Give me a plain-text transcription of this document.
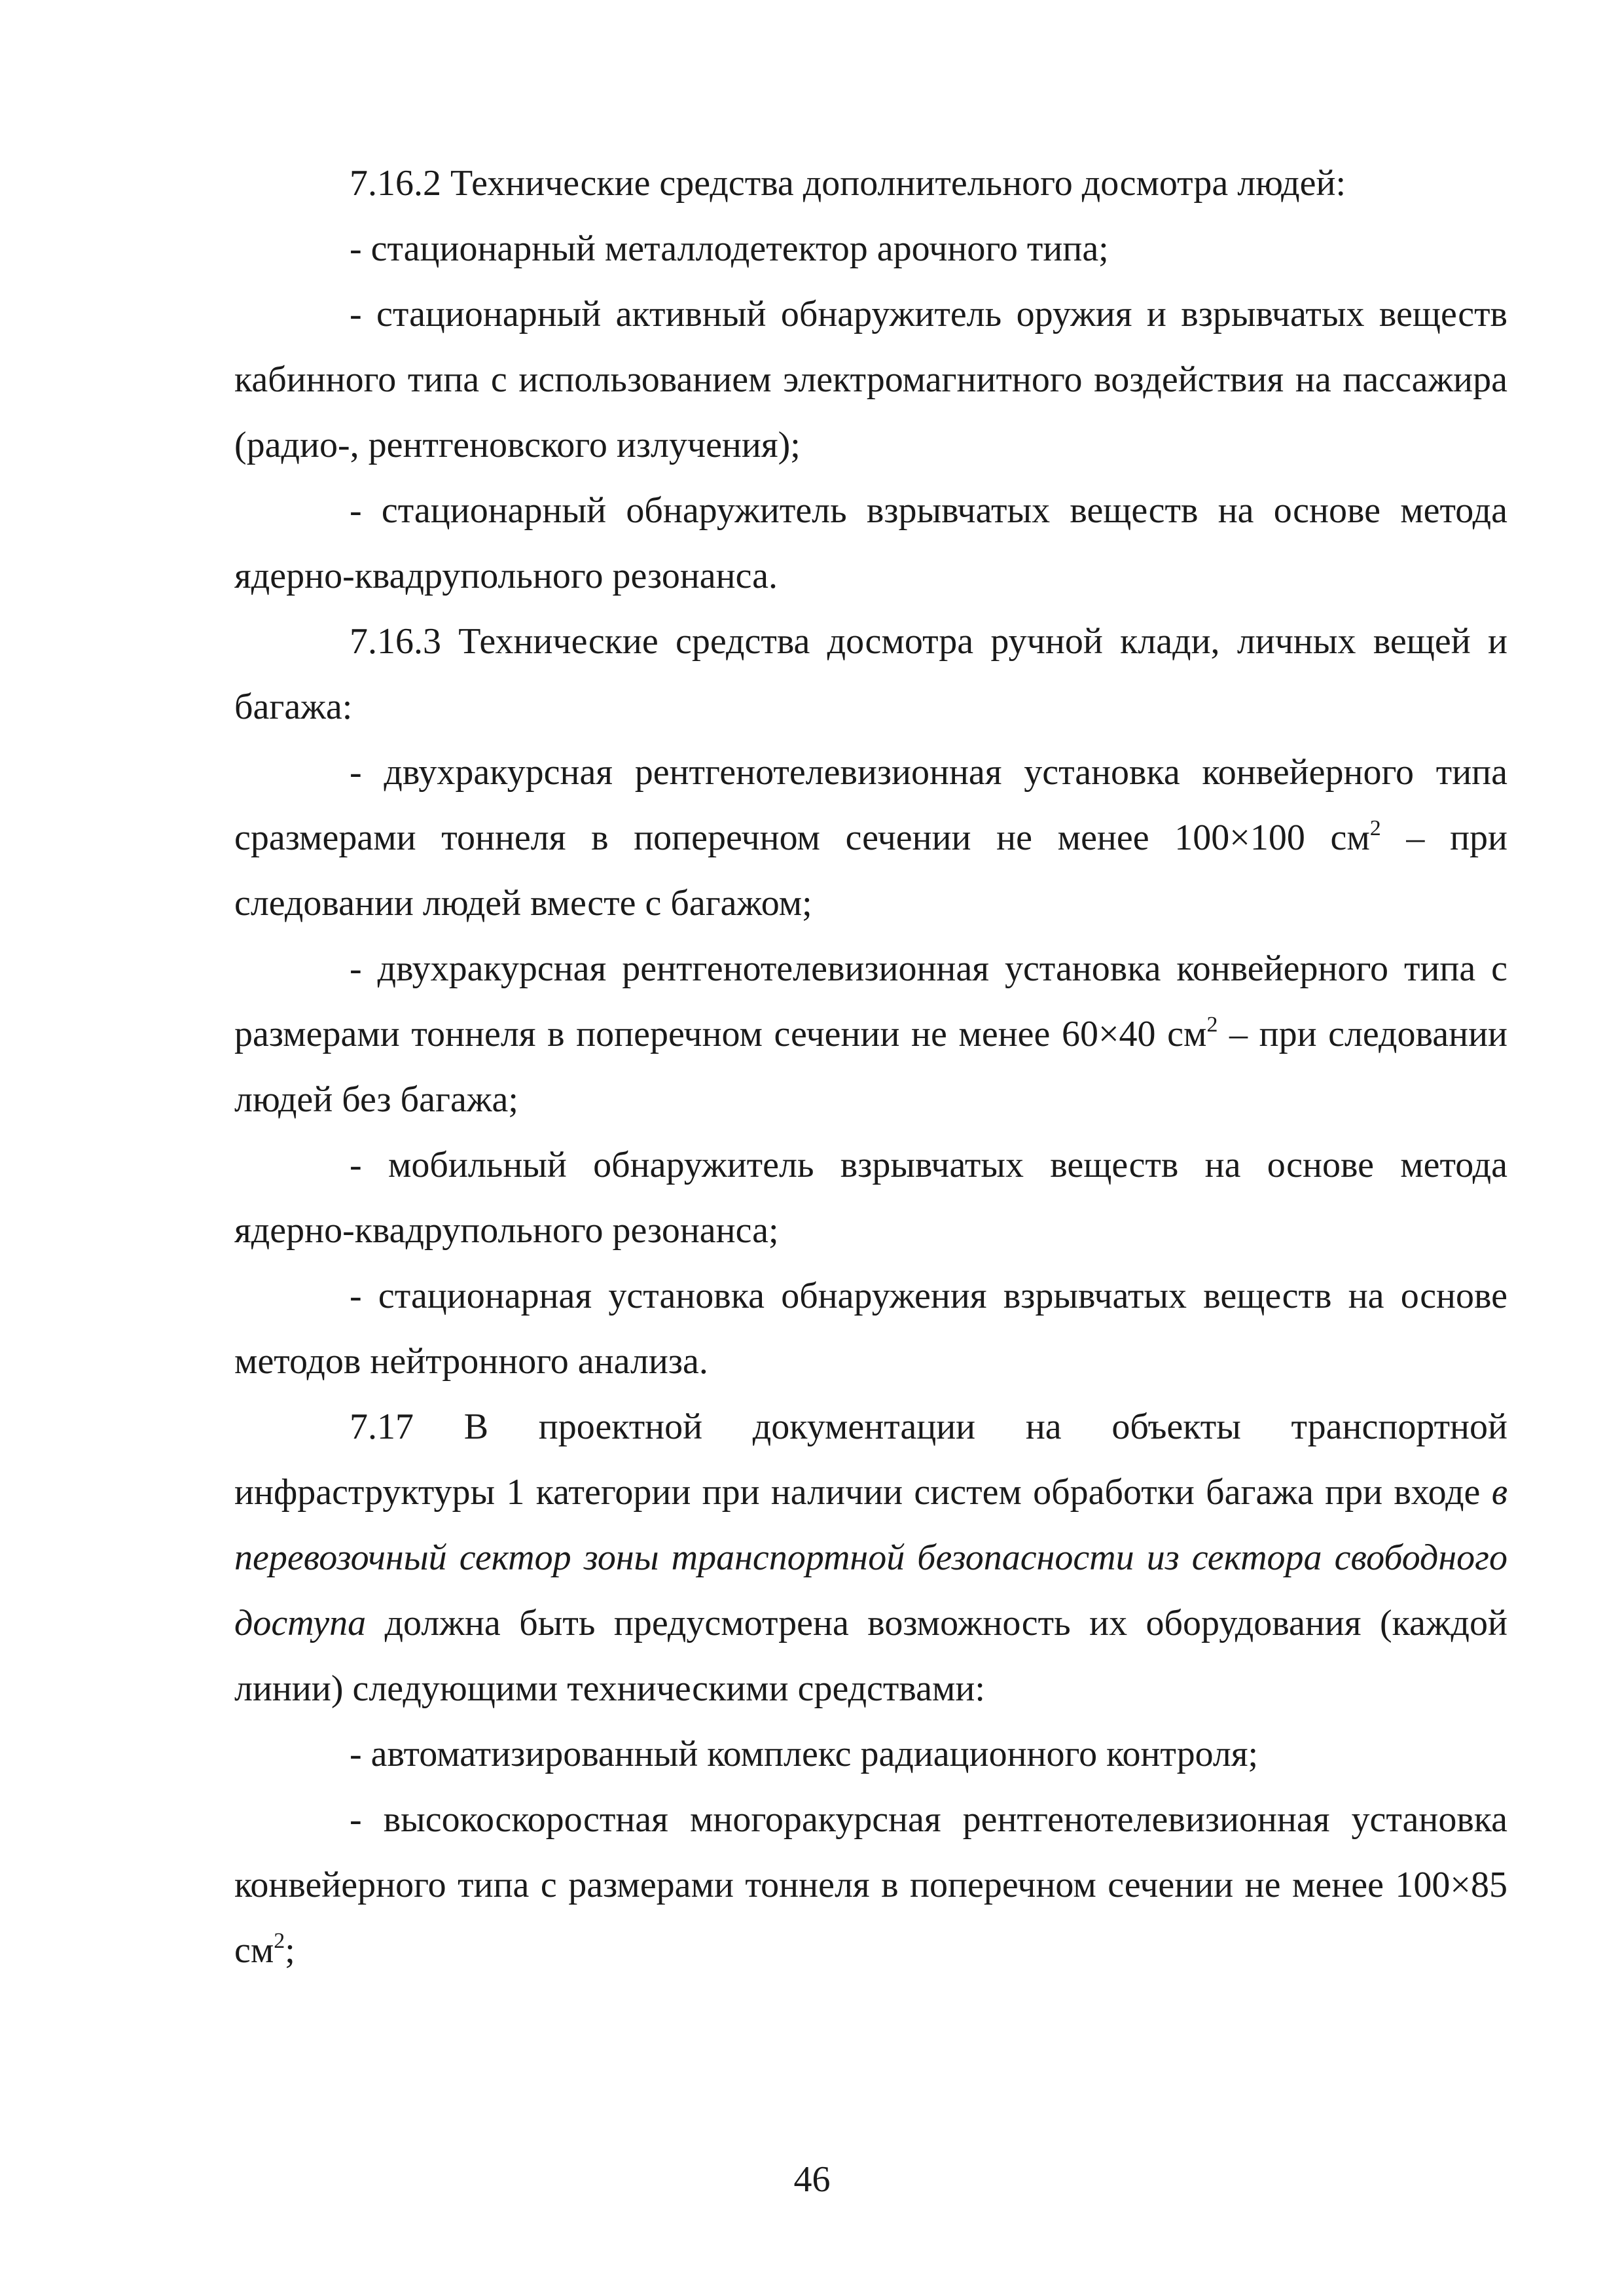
7.16.2 Технические средства дополнительного досмотра людей:

- стационарный металлодетектор арочного типа;

- стационарный активный обнаружитель оружия и взрывчатых веществ кабинного типа с использованием электромагнитного воздействия на пассажира (радио-, рентгеновского излучения);

- стационарный обнаружитель взрывчатых веществ на основе метода ядерно-квадрупольного резонанса.

7.16.3 Технические средства досмотра ручной клади, личных вещей и багажа:

- двухракурсная рентгенотелевизионная установка конвейерного типа сразмерами тоннеля в поперечном сечении не менее 100×100 $см^2$ – при следовании людей вместе с багажом;

- двухракурсная рентгенотелевизионная установка конвейерного типа с размерами тоннеля в поперечном сечении не менее 60×40 $см^2$ – при следовании людей без багажа;

- мобильный обнаружитель взрывчатых веществ на основе метода ядерно-квадрупольного резонанса;

- стационарная установка обнаружения взрывчатых веществ на основе методов нейтронного анализа.

7.17 В проектной документации на объекты транспортной инфраструктуры 1 категории при наличии систем обработки багажа при входе в перевозочный сектор зоны транспортной безопасности из сектора свободного доступа должна быть предусмотрена возможность их оборудования (каждой линии) следующими техническими средствами:

- автоматизированный комплекс радиационного контроля;

- высокоскоростная многоракурсная рентгенотелевизионная установка конвейерного типа с размерами тоннеля в поперечном сечении не менее 100×85 $см^2$;

46
